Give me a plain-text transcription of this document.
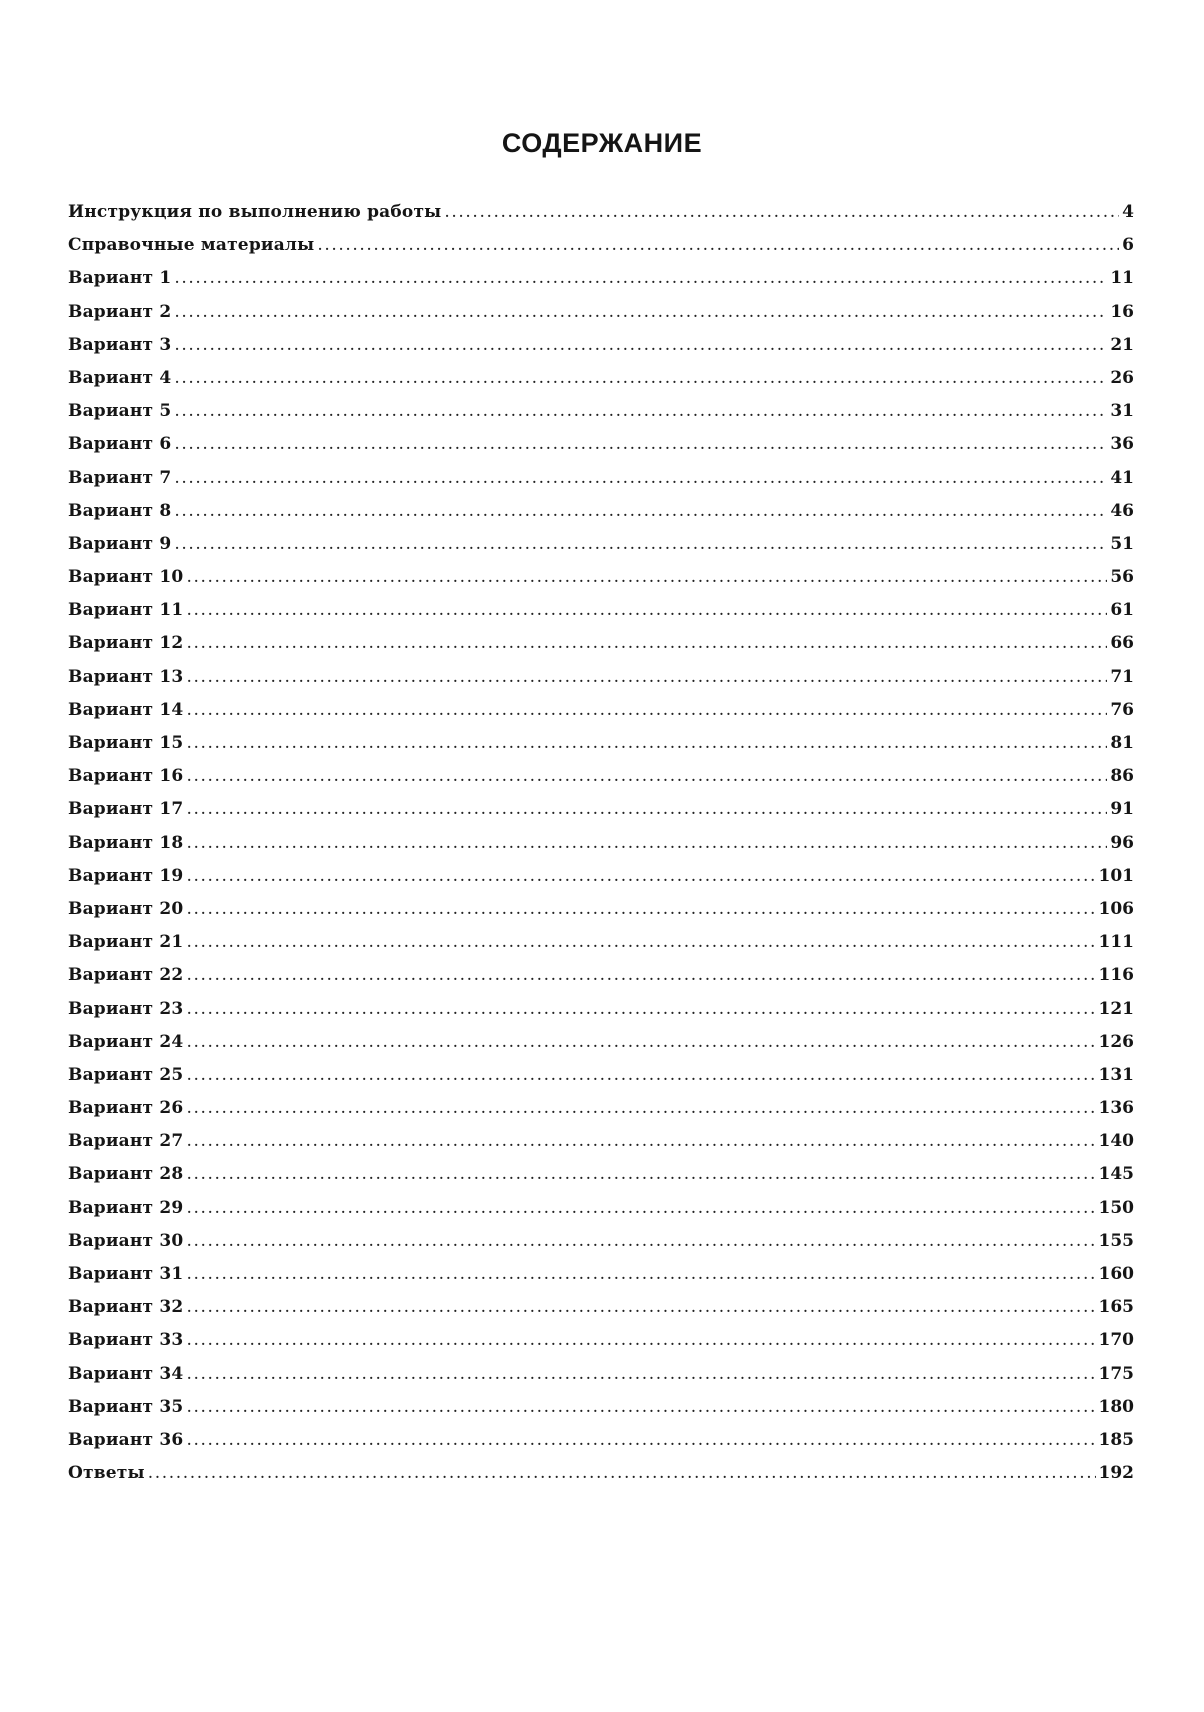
СОДЕРЖАНИЕ
Инструкция по выполнению работы .....	4
Справочные материалы .....	6
Вариант 1 .....	11
Вариант 2 .....	16
Вариант 3 .....	21
Вариант 4 .....	26
Вариант 5 .....	31
Вариант 6 .....	36
Вариант 7 .....	41
Вариант 8 .....	46
Вариант 9 .....	51
Вариант 10 .....	56
Вариант 11 .....	61
Вариант 12 .....	66
Вариант 13 .....	71
Вариант 14 .....	76
Вариант 15 .....	81
Вариант 16 .....	86
Вариант 17 .....	91
Вариант 18 .....	96
Вариант 19 .....	101
Вариант 20 .....	106
Вариант 21 .....	111
Вариант 22 .....	116
Вариант 23 .....	121
Вариант 24 .....	126
Вариант 25 .....	131
Вариант 26 .....	136
Вариант 27 .....	140
Вариант 28 .....	145
Вариант 29 .....	150
Вариант 30 .....	155
Вариант 31 .....	160
Вариант 32 .....	165
Вариант 33 .....	170
Вариант 34 .....	175
Вариант 35 .....	180
Вариант 36 .....	185
Ответы .....	192
